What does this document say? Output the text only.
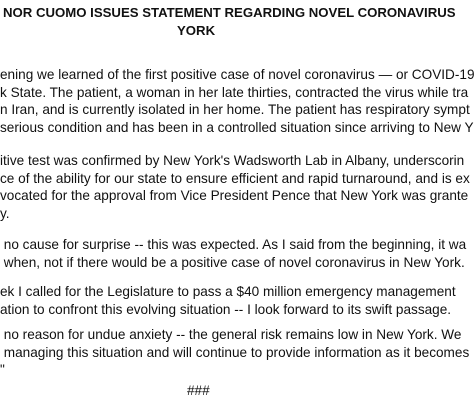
NOR CUOMO ISSUES STATEMENT REGARDING NOVEL CORONAVIRUS

YORK

ening we learned of the first positive case of novel coronavirus — or COVID-19
k State. The patient, a woman in her late thirties, contracted the virus while tra
n Iran, and is currently isolated in her home. The patient has respiratory sympt
serious condition and has been in a controlled situation since arriving to New Y
itive test was confirmed by New York's Wadsworth Lab in Albany, underscorin
ce of the ability for our state to ensure efficient and rapid turnaround, and is ex
vocated for the approval from Vice President Pence that New York was grante
y.
no cause for surprise -- this was expected. As I said from the beginning, it wa
when, not if there would be a positive case of novel coronavirus in New York.
ek I called for the Legislature to pass a $40 million emergency management
ation to confront this evolving situation -- I look forward to its swift passage.
no reason for undue anxiety -- the general risk remains low in New York. We
managing this situation and will continue to provide information as it becomes
"
###
